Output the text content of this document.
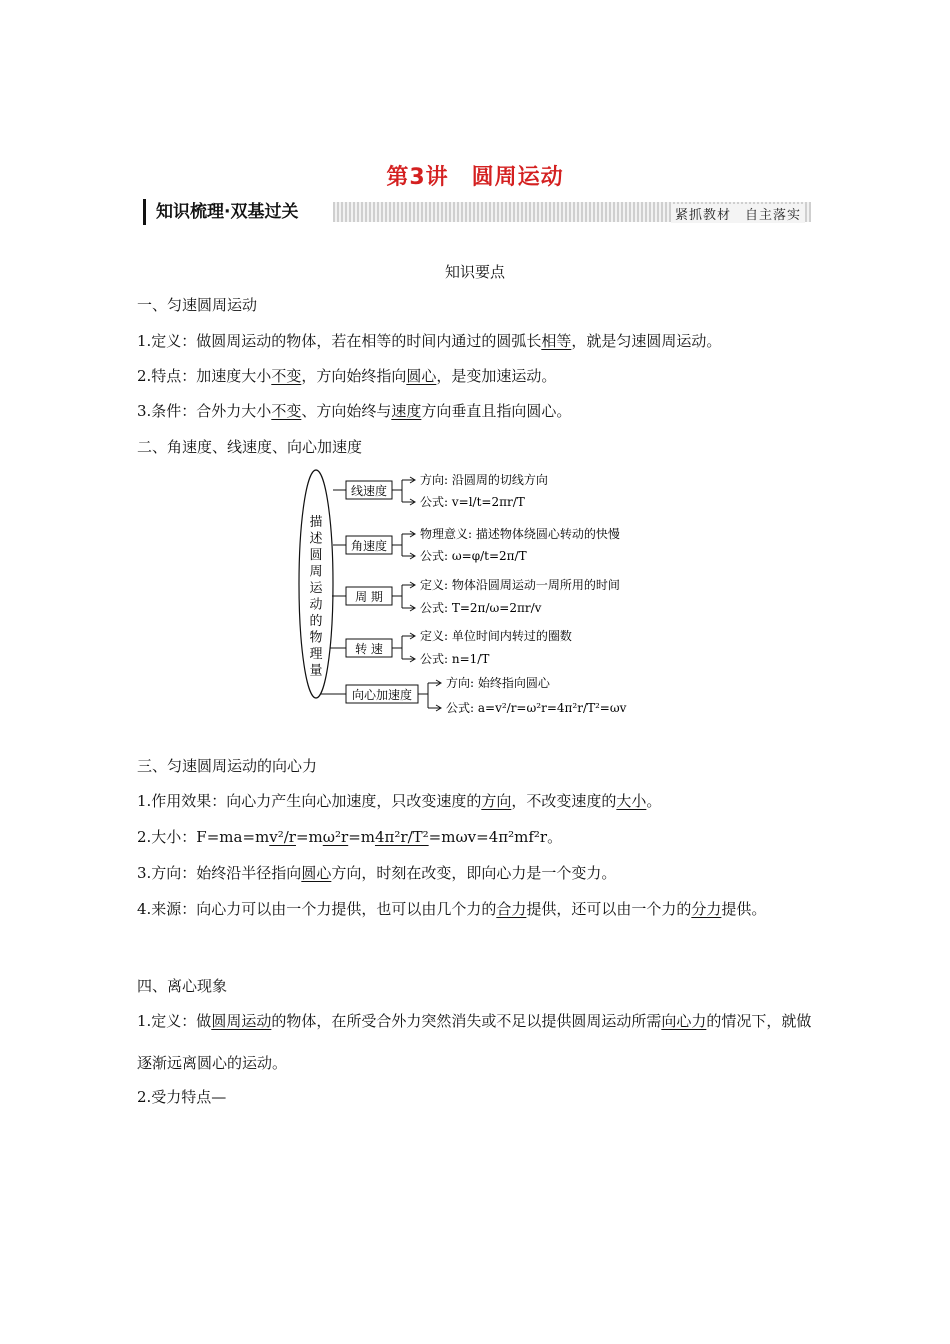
第3讲　圆周运动
知识梳理·双基过关	紧抓教材　自主落实
知识要点
一、匀速圆周运动
1.定义：做圆周运动的物体，若在相等的时间内通过的圆弧长相等，就是匀速圆周运动。
2.特点：加速度大小不变，方向始终指向圆心，是变加速运动。
3.条件：合外力大小不变、方向始终与速度方向垂直且指向圆心。
二、角速度、线速度、向心加速度
描
述
圆
周
运
动
的
物
理
量
线速度
角速度
周 期
转 速
向心加速度
方向: 沿圆周的切线方向
公式: v=l/t=2πr/T
物理意义: 描述物体绕圆心转动的快慢
公式: ω=φ/t=2π/T
定义: 物体沿圆周运动一周所用的时间
公式: T=2π/ω=2πr/v
定义: 单位时间内转过的圈数
公式: n=1/T
方向: 始终指向圆心
公式: a=v²/r=ω²r=4π²r/T²=ωv
三、匀速圆周运动的向心力
1.作用效果：向心力产生向心加速度，只改变速度的方向，不改变速度的大小。
2.大小：F=ma=mv²/r=mω²r=m4π²r/T²=mωv=4π²mf²r。
3.方向：始终沿半径指向圆心方向，时刻在改变，即向心力是一个变力。
4.来源：向心力可以由一个力提供，也可以由几个力的合力提供，还可以由一个力的分力提供。
四、离心现象
1.定义：做圆周运动的物体，在所受合外力突然消失或不足以提供圆周运动所需向心力的情况下，就做逐渐远离圆心的运动。
2.受力特点—
